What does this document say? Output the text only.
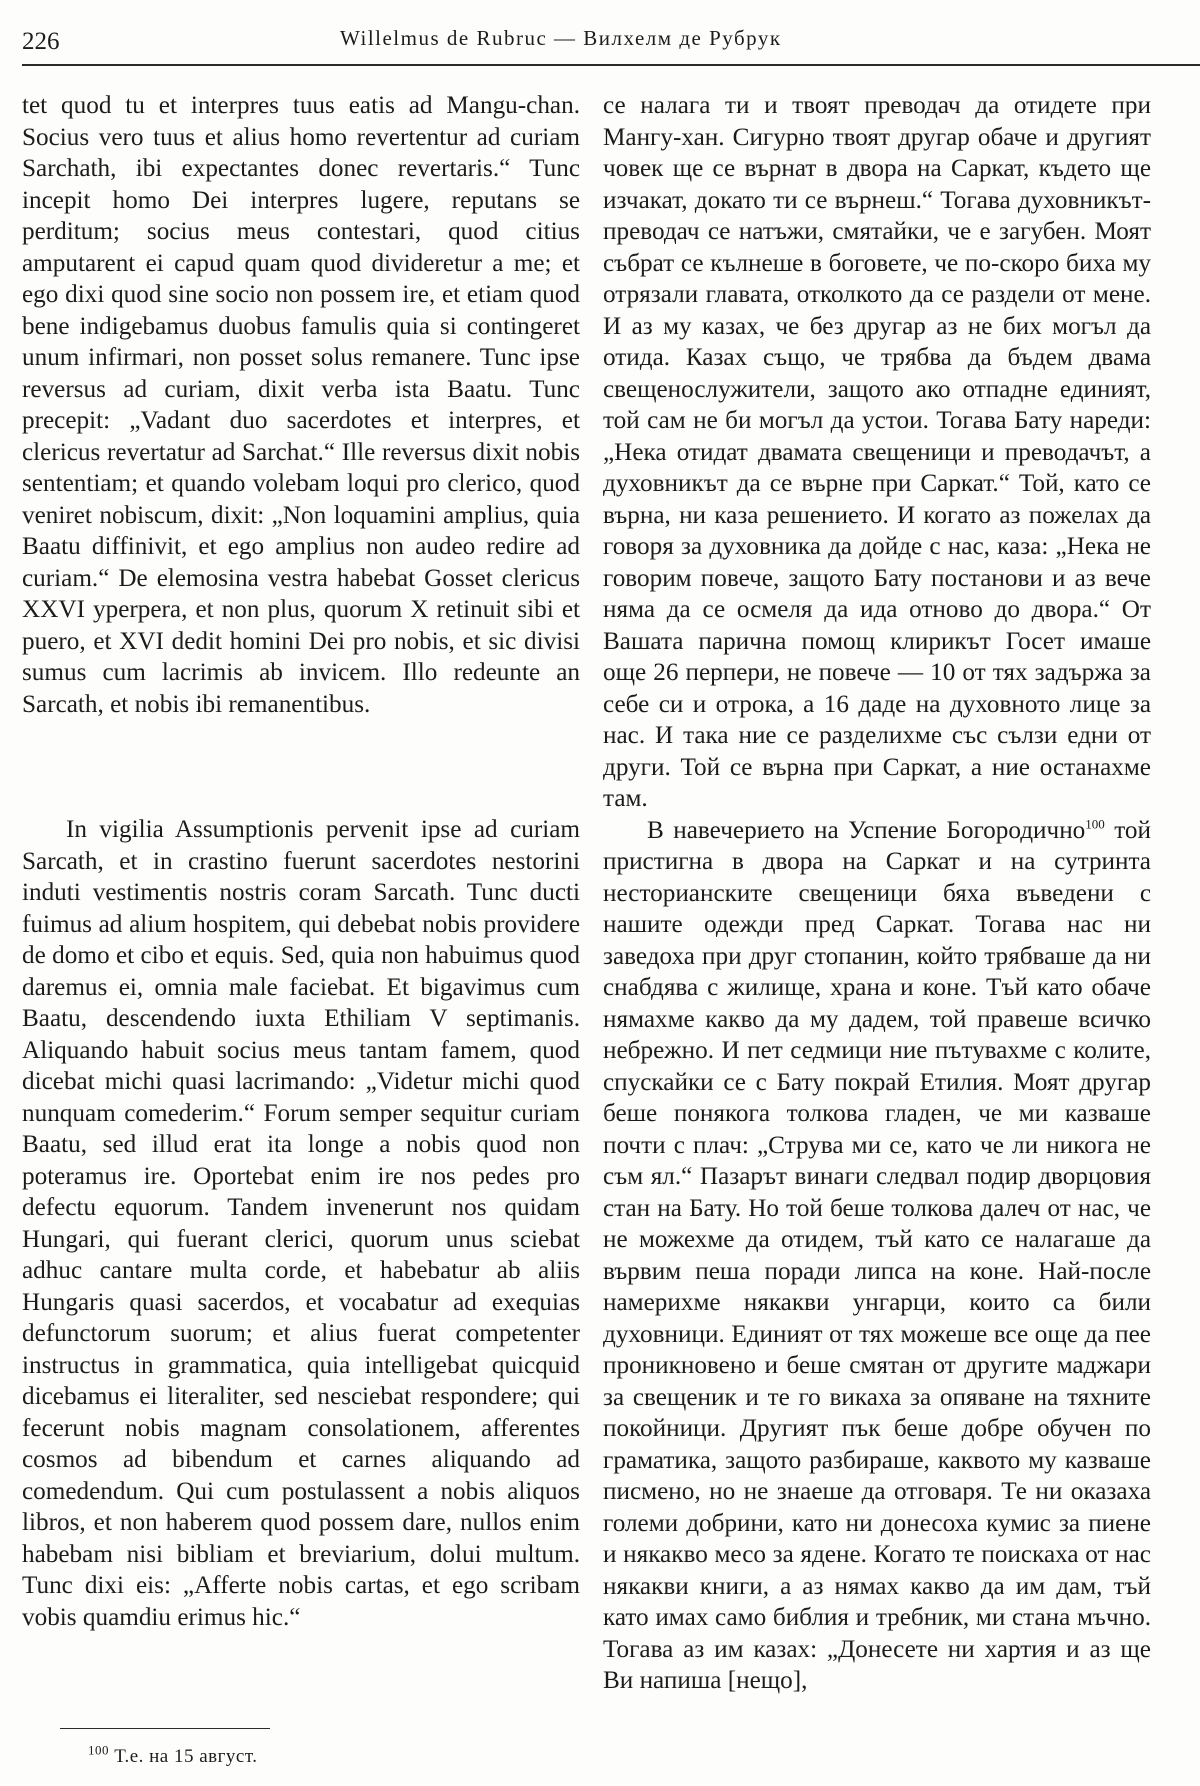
226	Willelmus de Rubruc — Вилхелм де Рубрук

tet quod tu et interpres tuus eatis ad Mangu-chan. Socius vero tuus et alius homo revertentur ad curiam Sarchath, ibi expectantes donec revertaris.“ Tunc incepit homo Dei interpres lugere, reputans se perditum; socius meus contestari, quod citius amputarent ei capud quam quod divideretur a me; et ego dixi quod sine socio non possem ire, et etiam quod bene indigebamus duobus famulis quia si contingeret unum infirmari, non posset solus remanere. Tunc ipse reversus ad curiam, dixit verba ista Baatu. Tunc precepit: „Vadant duo sacerdotes et interpres, et clericus revertatur ad Sarchat.“ Ille reversus dixit nobis sententiam; et quando volebam loqui pro clerico, quod veniret nobiscum, dixit: „Non loquamini amplius, quia Baatu diffinivit, et ego amplius non audeo redire ad curiam.“ De elemosina vestra habebat Gosset clericus XXVI yperpera, et non plus, quorum X retinuit sibi et puero, et XVI dedit homini Dei pro nobis, et sic divisi sumus cum lacrimis ab invicem. Illo redeunte an Sarcath, et nobis ibi remanentibus.

In vigilia Assumptionis pervenit ipse ad curiam Sarcath, et in crastino fuerunt sacerdotes nestorini induti vestimentis nostris coram Sarcath. Tunc ducti fuimus ad alium hospitem, qui debebat nobis providere de domo et cibo et equis. Sed, quia non habuimus quod daremus ei, omnia male faciebat. Et bigavimus cum Baatu, descendendo iuxta Ethiliam V septimanis. Aliquando habuit socius meus tantam famem, quod dicebat michi quasi lacrimando: „Videtur michi quod nunquam comederim.“ Forum semper sequitur curiam Baatu, sed illud erat ita longe a nobis quod non poteramus ire. Oportebat enim ire nos pedes pro defectu equorum. Tandem invenerunt nos quidam Hungari, qui fuerant clerici, quorum unus sciebat adhuc cantare multa corde, et habebatur ab aliis Hungaris quasi sacerdos, et vocabatur ad exequias defunctorum suorum; et alius fuerat competenter instructus in grammatica, quia intelligebat quicquid dicebamus ei literaliter, sed nesciebat respondere; qui fecerunt nobis magnam consolationem, afferentes cosmos ad bibendum et carnes aliquando ad comedendum. Qui cum postulassent a nobis aliquos libros, et non haberem quod possem dare, nullos enim habebam nisi bibliam et breviarium, dolui multum. Tunc dixi eis: „Afferte nobis cartas, et ego scribam vobis quamdiu erimus hic.“

се налага ти и твоят преводач да отидете при Мангу-хан. Сигурно твоят другар обаче и другият човек ще се върнат в двора на Саркат, където ще изчакат, докато ти се върнеш.“ Тогава духовникът-преводач се натъжи, смятайки, че е загубен. Моят събрат се кълнеше в боговете, че по-скоро биха му отрязали главата, отколкото да се раздели от мене. И аз му казах, че без другар аз не бих могъл да отида. Казах също, че трябва да бъдем двама свещенослужители, защото ако отпадне единият, той сам не би могъл да устои. Тогава Бату нареди: „Нека отидат двамата свещеници и преводачът, а духовникът да се върне при Саркат.“ Той, като се върна, ни каза решението. И когато аз пожелах да говоря за духовника да дойде с нас, каза: „Нека не говорим повече, защото Бату постанови и аз вече няма да се осмеля да ида отново до двора.“ От Вашата парична помощ клирикът Госет имаше още 26 перпери, не повече — 10 от тях задържа за себе си и отрока, а 16 даде на духовното лице за нас. И така ние се разделихме със сълзи едни от други. Той се върна при Саркат, а ние останахме там.

В навечерието на Успение Богородично$^{100}$ той пристигна в двора на Саркат и на сутринта несторианските свещеници бяха въведени с нашите одежди пред Саркат. Тогава нас ни заведоха при друг стопанин, който трябваше да ни снабдява с жилище, храна и коне. Тъй като обаче нямахме какво да му дадем, той правеше всичко небрежно. И пет седмици ние пътувахме с колите, спускайки се с Бату покрай Етилия. Моят другар беше понякога толкова гладен, че ми казваше почти с плач: „Струва ми се, като че ли никога не съм ял.“ Пазарът винаги следвал подир дворцовия стан на Бату. Но той беше толкова далеч от нас, че не можехме да отидем, тъй като се налагаше да вървим пеша поради липса на коне. Най-после намерихме някакви унгарци, които са били духовници. Единият от тях можеше все още да пее проникновено и беше смятан от другите маджари за свещеник и те го викаха за опяване на тяхните покойници. Другият пък беше добре обучен по граматика, защото разбираше, каквото му казваше писмено, но не знаеше да отговаря. Те ни оказаха големи добрини, като ни донесоха кумис за пиене и някакво месо за ядене. Когато те поискаха от нас някакви книги, а аз нямах какво да им дам, тъй като имах само библия и требник, ми стана мъчно. Тогава аз им казах: „Донесете ни хартия и аз ще Ви напиша [нещо],

$^{100}$ Т.е. на 15 август.
